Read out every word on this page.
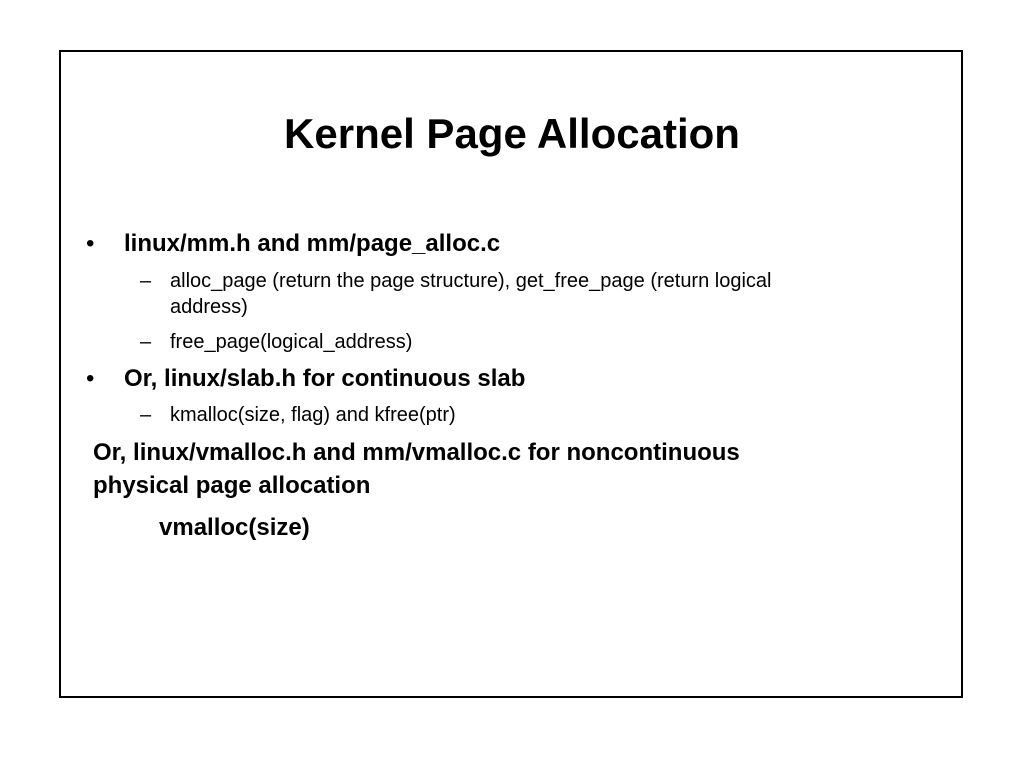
Kernel Page Allocation
• linux/mm.h and mm/page_alloc.c
– alloc_page (return the page structure), get_free_page (return logical
address)
– free_page(logical_address)
• Or, linux/slab.h for continuous slab
– kmalloc(size, flag) and kfree(ptr)
Or, linux/vmalloc.h and mm/vmalloc.c for noncontinuous
physical page allocation
vmalloc(size)
